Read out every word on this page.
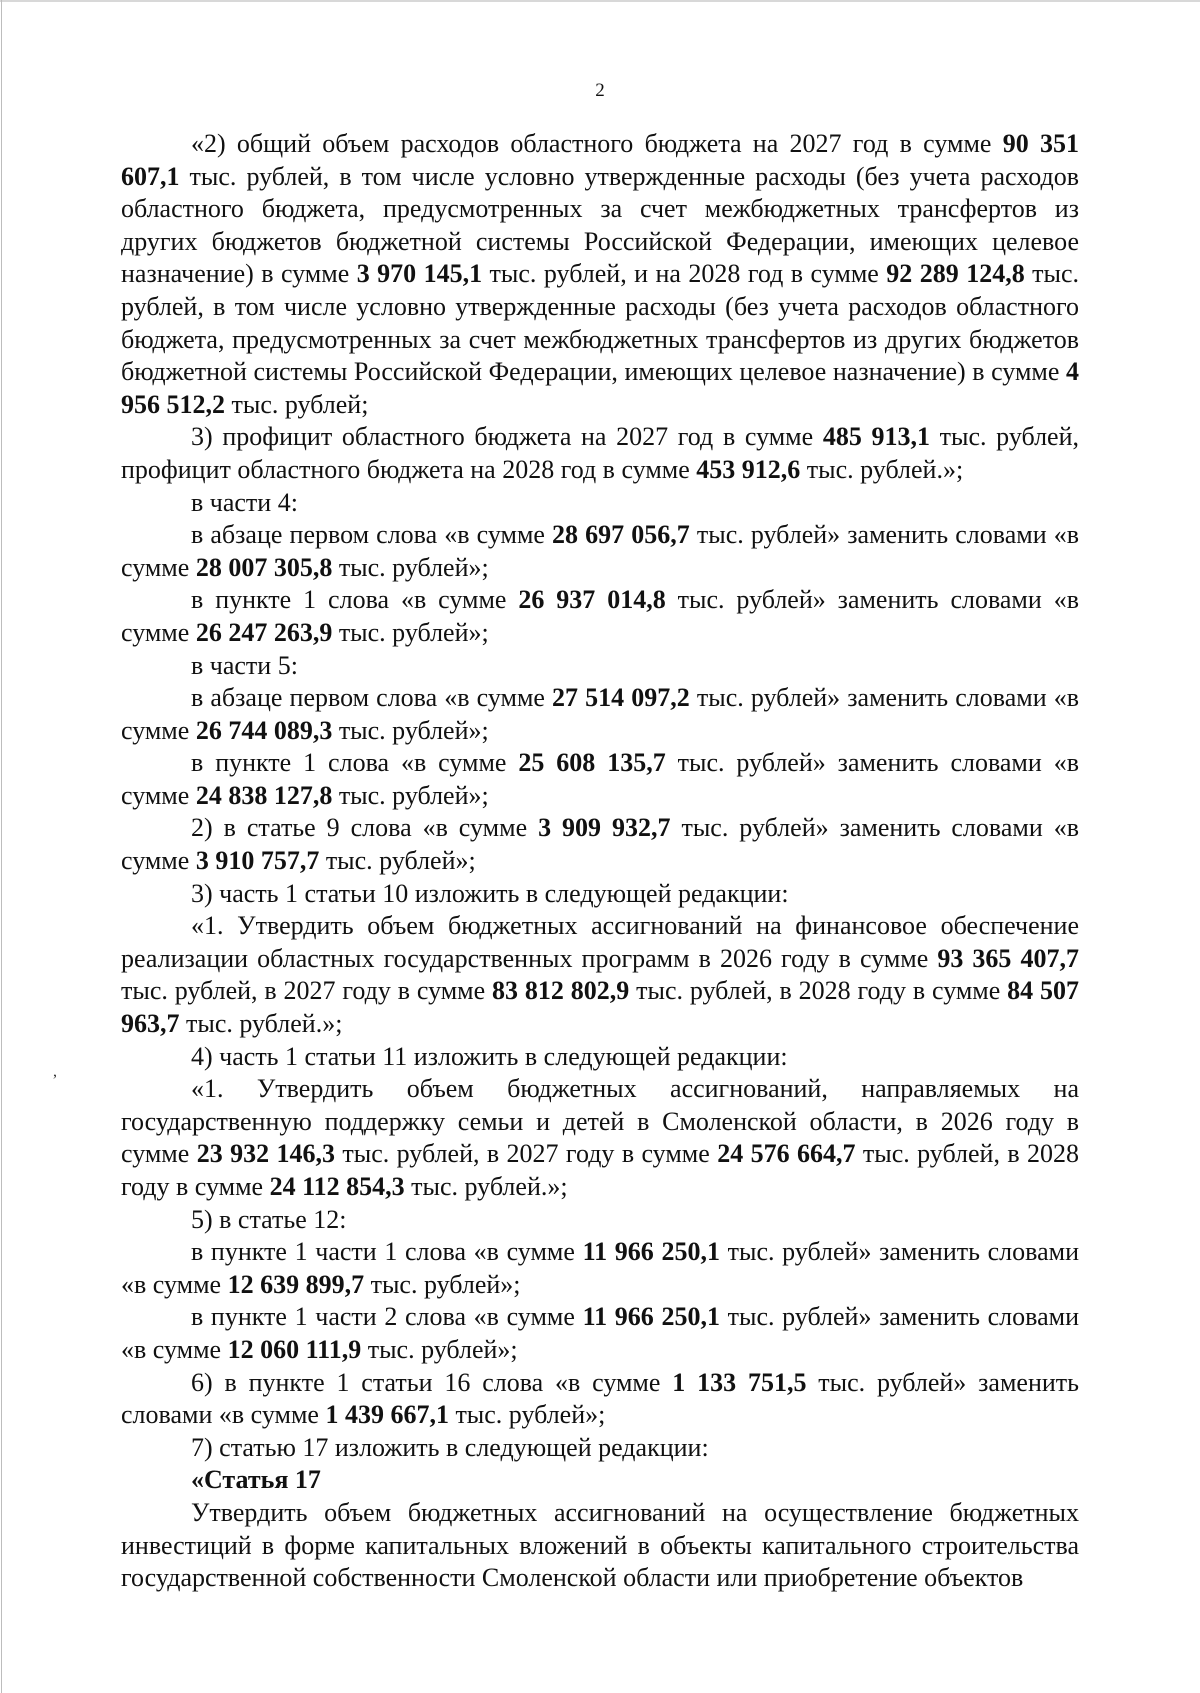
2
,

«2) общий объем расходов областного бюджета на 2027 год в сумме 90 351 607,1 тыс. рублей, в том числе условно утвержденные расходы (без учета расходов областного бюджета, предусмотренных за счет межбюджетных трансфертов из других бюджетов бюджетной системы Российской Федерации, имеющих целевое назначение) в сумме 3 970 145,1 тыс. рублей, и на 2028 год в сумме 92 289 124,8 тыс. рублей, в том числе условно утвержденные расходы (без учета расходов областного бюджета, предусмотренных за счет межбюджетных трансфертов из других бюджетов бюджетной системы Российской Федерации, имеющих целевое назначение) в сумме 4 956 512,2 тыс. рублей;

3) профицит областного бюджета на 2027 год в сумме 485 913,1 тыс. рублей, профицит областного бюджета на 2028 год в сумме 453 912,6 тыс. рублей.»;

в части 4:

в абзаце первом слова «в сумме 28 697 056,7 тыс. рублей» заменить словами «в сумме 28 007 305,8 тыс. рублей»;

в пункте 1 слова «в сумме 26 937 014,8 тыс. рублей» заменить словами «в сумме 26 247 263,9 тыс. рублей»;

в части 5:

в абзаце первом слова «в сумме 27 514 097,2 тыс. рублей» заменить словами «в сумме 26 744 089,3 тыс. рублей»;

в пункте 1 слова «в сумме 25 608 135,7 тыс. рублей» заменить словами «в сумме 24 838 127,8 тыс. рублей»;

2) в статье 9 слова «в сумме 3 909 932,7 тыс. рублей» заменить словами «в сумме 3 910 757,7 тыс. рублей»;

3) часть 1 статьи 10 изложить в следующей редакции:

«1. Утвердить объем бюджетных ассигнований на финансовое обеспечение реализации областных государственных программ в 2026 году в сумме 93 365 407,7 тыс. рублей, в 2027 году в сумме 83 812 802,9 тыс. рублей, в 2028 году в сумме 84 507 963,7 тыс. рублей.»;

4) часть 1 статьи 11 изложить в следующей редакции:

«1. Утвердить объем бюджетных ассигнований, направляемых на государственную поддержку семьи и детей в Смоленской области, в 2026 году в сумме 23 932 146,3 тыс. рублей, в 2027 году в сумме 24 576 664,7 тыс. рублей, в 2028 году в сумме 24 112 854,3 тыс. рублей.»;

5) в статье 12:

в пункте 1 части 1 слова «в сумме 11 966 250,1 тыс. рублей» заменить словами «в сумме 12 639 899,7 тыс. рублей»;

в пункте 1 части 2 слова «в сумме 11 966 250,1 тыс. рублей» заменить словами «в сумме 12 060 111,9 тыс. рублей»;

6) в пункте 1 статьи 16 слова «в сумме 1 133 751,5 тыс. рублей» заменить словами «в сумме 1 439 667,1 тыс. рублей»;

7) статью 17 изложить в следующей редакции:

«Статья 17

Утвердить объем бюджетных ассигнований на осуществление бюджетных инвестиций в форме капитальных вложений в объекты капитального строительства государственной собственности Смоленской области или приобретение объектов
